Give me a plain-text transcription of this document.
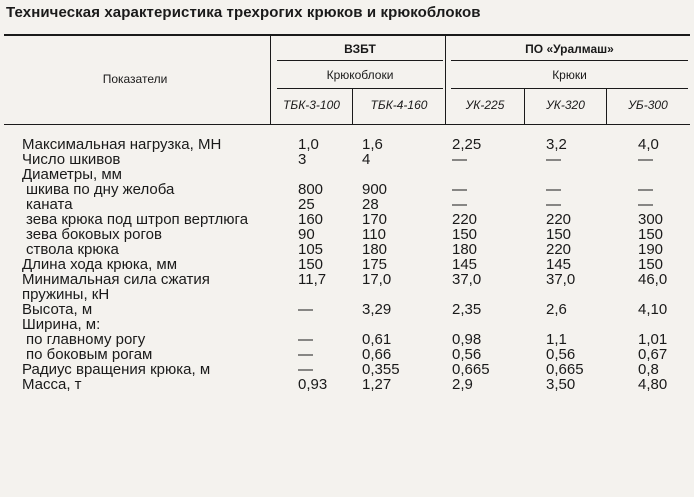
Техническая характеристика трехрогих крюков и крюкоблоков
Показатели
ВЗБТ	ПО «Уралмаш»
Крюкоблоки	Крюки
ТБК-3-100	ТБК-4-160	УК-225	УК-320	УБ-300
Максимальная нагрузка, МН	1,0	1,6	2,25	3,2	4,0
Число шкивов	3	4	—	—	—
Диаметры, мм					
шкива по дну желоба	800	900	—	—	—
каната	25	28	—	—	—
зева крюка под штроп вертлюга	160	170	220	220	300
зева боковых рогов	90	110	150	150	150
ствола крюка	105	180	180	220	190
Длина хода крюка, мм	150	175	145	145	150
Минимальная сила сжатия пружины, кН	11,7	17,0	37,0	37,0	46,0
Высота, м	—	3,29	2,35	2,6	4,10
Ширина, м:					
по главному рогу	—	0,61	0,98	1,1	1,01
по боковым рогам	—	0,66	0,56	0,56	0,67
Радиус вращения крюка, м	—	0,355	0,665	0,665	0,8
Масса, т	0,93	1,27	2,9	3,50	4,80
